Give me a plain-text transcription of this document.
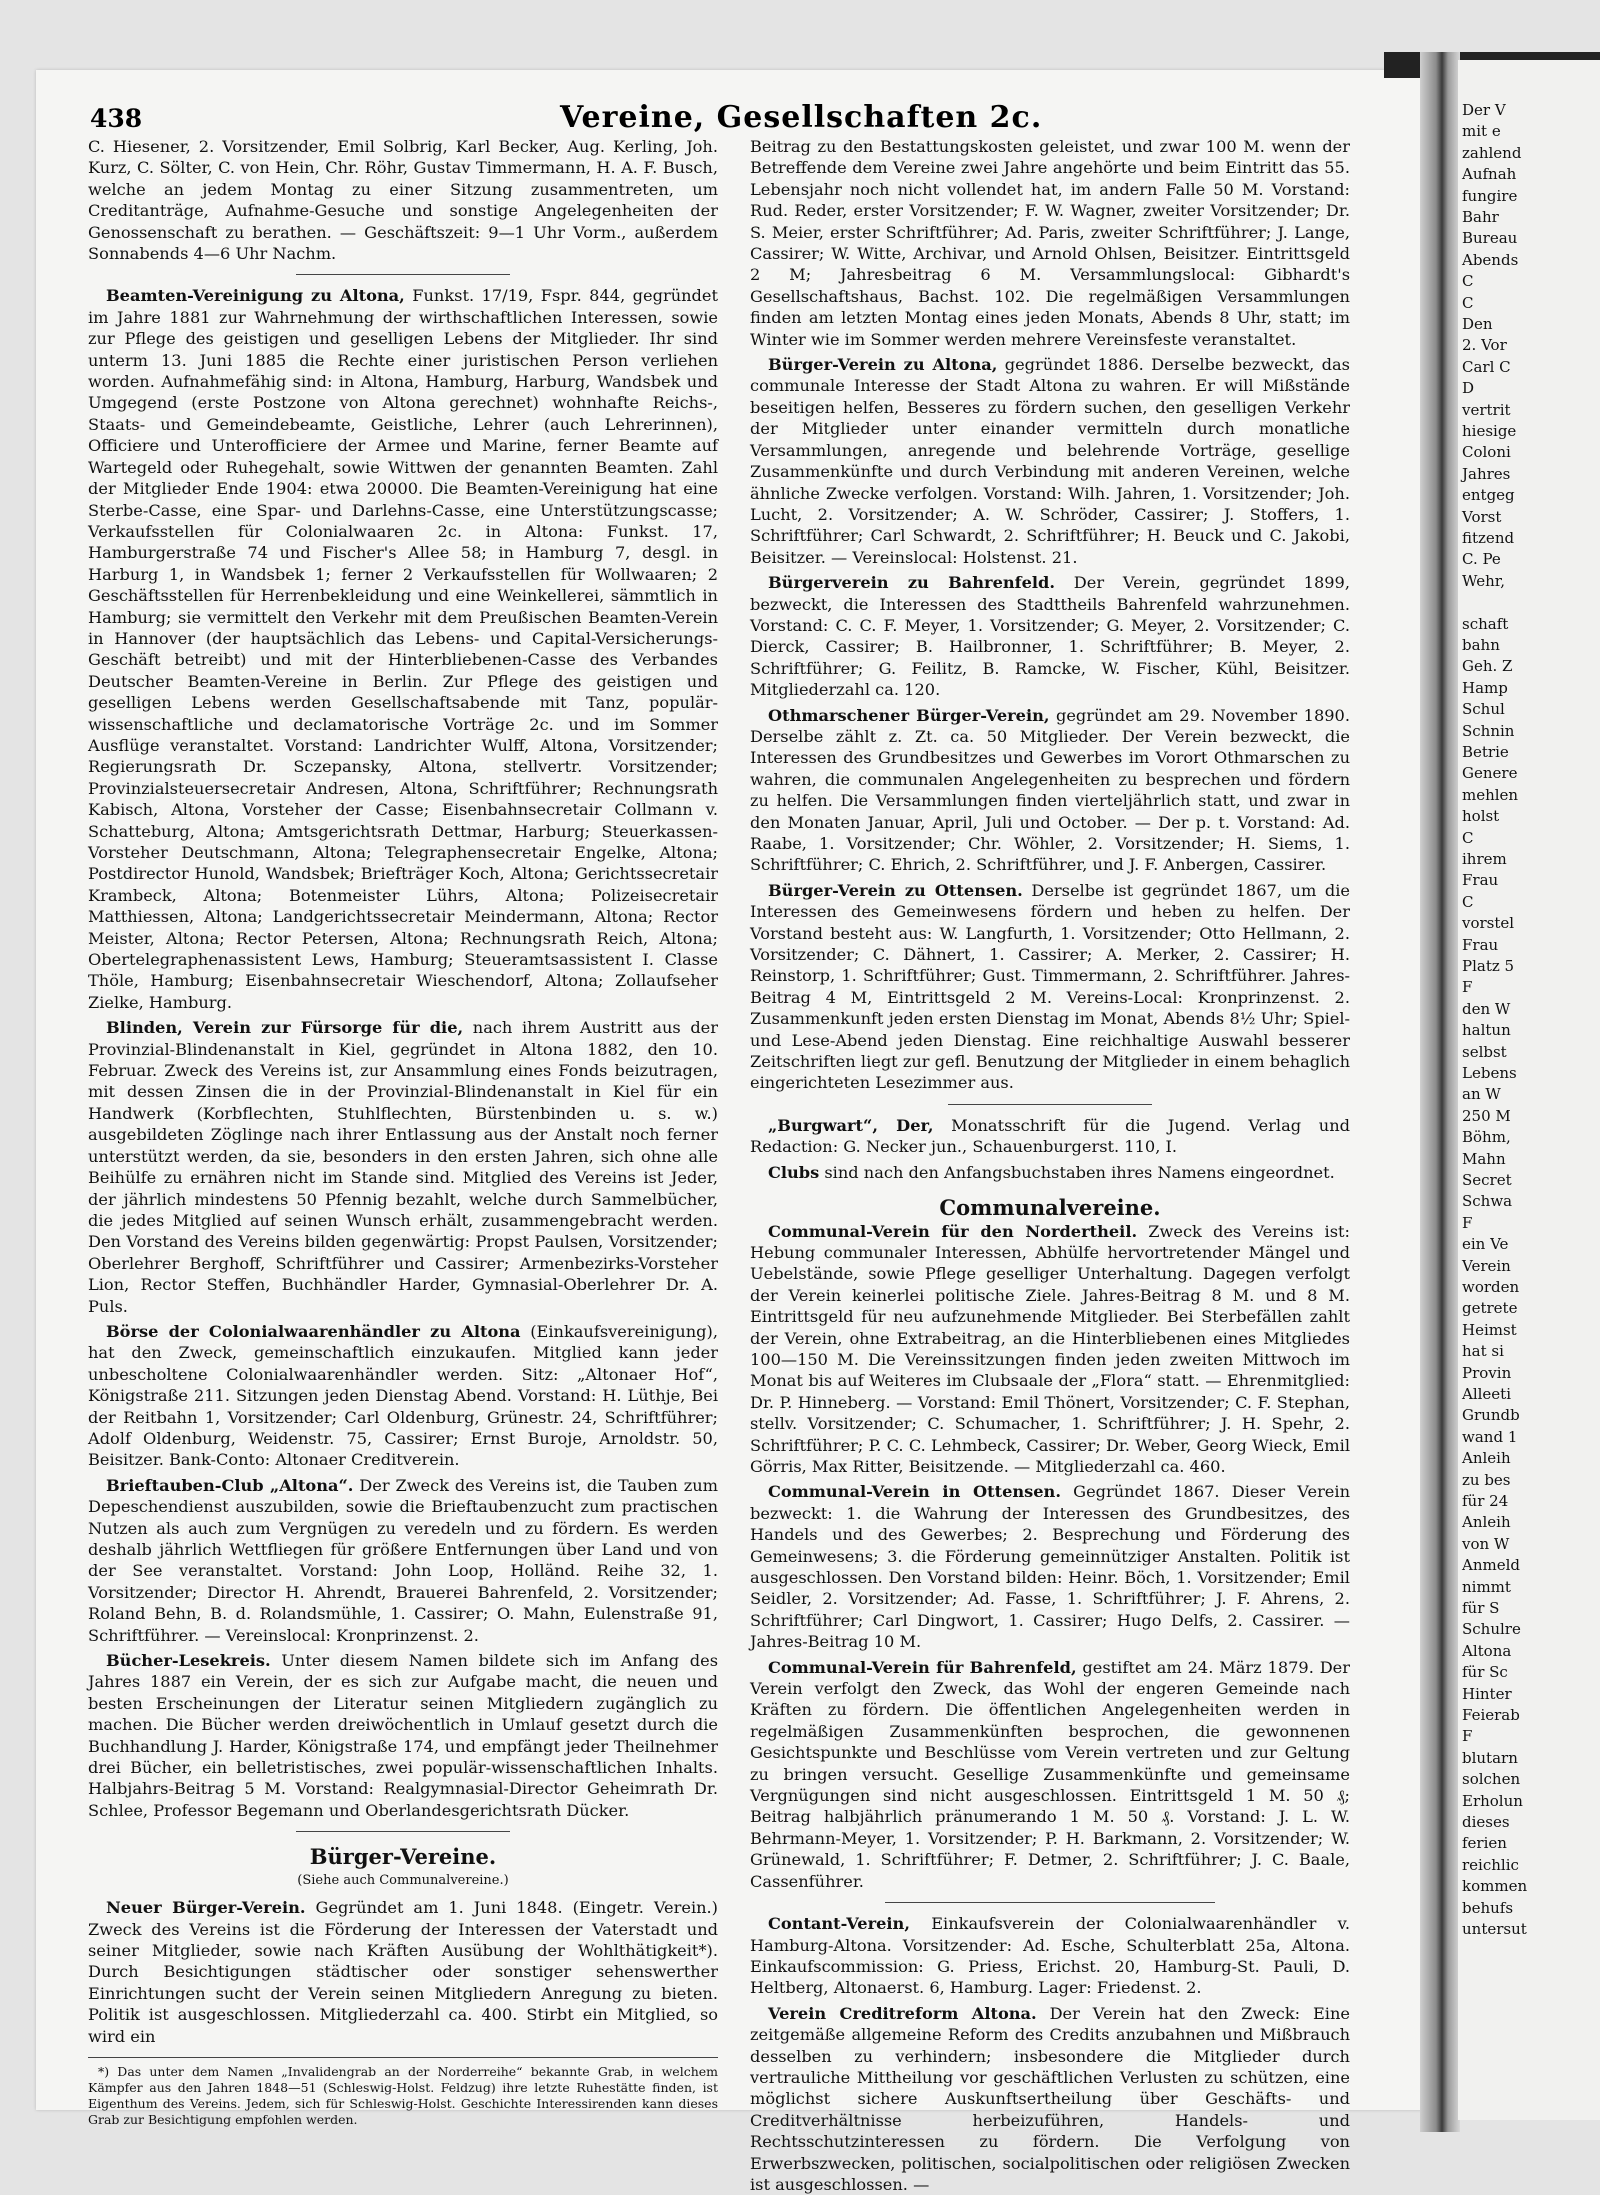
Der V
mit e
zahlend
Aufnah
fungire
Bahr
Bureau
Abends
C
C
Den
2. Vor
Carl C
D
vertrit
hiesige
Coloni
Jahres
entgeg
Vorst
fitzend
C. Pe
Wehr,
schaft
bahn
Geh. Z
Hamp
Schul
Schnin
Betrie
Genere
mehlen
holst
C
ihrem
Frau
C
vorstel
Frau
Platz 5
F
den W
haltun
selbst
Lebens
an W
250 M
Böhm,
Mahn
Secret
Schwa
F
ein Ve
Verein
worden
getrete
Heimst
hat si
Provin
Alleeti
Grundb
wand 1
Anleih
zu bes
für 24
Anleih
von W
Anmeld
nimmt
für S
Schulre
Altona
für Sc
Hinter
Feierab
F
blutarn
solchen
Erholun
dieses
ferien
reichlic
kommen
behufs
untersut
438	Vereine, Gesellschaften 2c.

C. Hiesener, 2. Vorsitzender, Emil Solbrig, Karl Becker, Aug. Kerling, Joh. Kurz, C. Sölter, C. von Hein, Chr. Röhr, Gustav Timmermann, H. A. F. Busch, welche an jedem Montag zu einer Sitzung zusammentreten, um Creditanträge, Aufnahme-Gesuche und sonstige Angelegenheiten der Genossenschaft zu berathen. — Geschäftszeit: 9—1 Uhr Vorm., außerdem Sonnabends 4—6 Uhr Nachm.

Beamten-Vereinigung zu Altona, Funkst. 17/19, Fspr. 844, gegründet im Jahre 1881 zur Wahrnehmung der wirthschaftlichen Interessen, sowie zur Pflege des geistigen und geselligen Lebens der Mitglieder. Ihr sind unterm 13. Juni 1885 die Rechte einer juristischen Person verliehen worden. Aufnahmefähig sind: in Altona, Hamburg, Harburg, Wandsbek und Umgegend (erste Postzone von Altona gerechnet) wohnhafte Reichs-, Staats- und Gemeindebeamte, Geistliche, Lehrer (auch Lehrerinnen), Officiere und Unterofficiere der Armee und Marine, ferner Beamte auf Wartegeld oder Ruhegehalt, sowie Wittwen der genannten Beamten. Zahl der Mitglieder Ende 1904: etwa 20000. Die Beamten-Vereinigung hat eine Sterbe-Casse, eine Spar- und Darlehns-Casse, eine Unterstützungscasse; Verkaufsstellen für Colonialwaaren 2c. in Altona: Funkst. 17, Hamburgerstraße 74 und Fischer's Allee 58; in Hamburg 7, desgl. in Harburg 1, in Wandsbek 1; ferner 2 Verkaufsstellen für Wollwaaren; 2 Geschäftsstellen für Herrenbekleidung und eine Weinkellerei, sämmtlich in Hamburg; sie vermittelt den Verkehr mit dem Preußischen Beamten-Verein in Hannover (der hauptsächlich das Lebens- und Capital-Versicherungs-Geschäft betreibt) und mit der Hinterbliebenen-Casse des Verbandes Deutscher Beamten-Vereine in Berlin. Zur Pflege des geistigen und geselligen Lebens werden Gesellschaftsabende mit Tanz, populär-wissenschaftliche und declamatorische Vorträge 2c. und im Sommer Ausflüge veranstaltet. Vorstand: Landrichter Wulff, Altona, Vorsitzender; Regierungsrath Dr. Sczepansky, Altona, stellvertr. Vorsitzender; Provinzialsteuersecretair Andresen, Altona, Schriftführer; Rechnungsrath Kabisch, Altona, Vorsteher der Casse; Eisenbahnsecretair Collmann v. Schatteburg, Altona; Amtsgerichtsrath Dettmar, Harburg; Steuerkassen-Vorsteher Deutschmann, Altona; Telegraphensecretair Engelke, Altona; Postdirector Hunold, Wandsbek; Briefträger Koch, Altona; Gerichtssecretair Krambeck, Altona; Botenmeister Lührs, Altona; Polizeisecretair Matthiessen, Altona; Landgerichtssecretair Meindermann, Altona; Rector Meister, Altona; Rector Petersen, Altona; Rechnungsrath Reich, Altona; Obertelegraphenassistent Lews, Hamburg; Steueramtsassistent I. Classe Thöle, Hamburg; Eisenbahnsecretair Wieschendorf, Altona; Zollaufseher Zielke, Hamburg.

Blinden, Verein zur Fürsorge für die, nach ihrem Austritt aus der Provinzial-Blindenanstalt in Kiel, gegründet in Altona 1882, den 10. Februar. Zweck des Vereins ist, zur Ansammlung eines Fonds beizutragen, mit dessen Zinsen die in der Provinzial-Blindenanstalt in Kiel für ein Handwerk (Korbflechten, Stuhlflechten, Bürstenbinden u. s. w.) ausgebildeten Zöglinge nach ihrer Entlassung aus der Anstalt noch ferner unterstützt werden, da sie, besonders in den ersten Jahren, sich ohne alle Beihülfe zu ernähren nicht im Stande sind. Mitglied des Vereins ist Jeder, der jährlich mindestens 50 Pfennig bezahlt, welche durch Sammelbücher, die jedes Mitglied auf seinen Wunsch erhält, zusammengebracht werden. Den Vorstand des Vereins bilden gegenwärtig: Propst Paulsen, Vorsitzender; Oberlehrer Berghoff, Schriftführer und Cassirer; Armenbezirks-Vorsteher Lion, Rector Steffen, Buchhändler Harder, Gymnasial-Oberlehrer Dr. A. Puls.

Börse der Colonialwaarenhändler zu Altona (Einkaufsvereinigung), hat den Zweck, gemeinschaftlich einzukaufen. Mitglied kann jeder unbescholtene Colonialwaarenhändler werden. Sitz: „Altonaer Hof“, Königstraße 211. Sitzungen jeden Dienstag Abend. Vorstand: H. Lüthje, Bei der Reitbahn 1, Vorsitzender; Carl Oldenburg, Grünestr. 24, Schriftführer; Adolf Oldenburg, Weidenstr. 75, Cassirer; Ernst Buroje, Arnoldstr. 50, Beisitzer. Bank-Conto: Altonaer Creditverein.

Brieftauben-Club „Altona“. Der Zweck des Vereins ist, die Tauben zum Depeschendienst auszubilden, sowie die Brieftaubenzucht zum practischen Nutzen als auch zum Vergnügen zu veredeln und zu fördern. Es werden deshalb jährlich Wettfliegen für größere Entfernungen über Land und von der See veranstaltet. Vorstand: John Loop, Holländ. Reihe 32, 1. Vorsitzender; Director H. Ahrendt, Brauerei Bahrenfeld, 2. Vorsitzender; Roland Behn, B. d. Rolandsmühle, 1. Cassirer; O. Mahn, Eulenstraße 91, Schriftführer. — Vereinslocal: Kronprinzenst. 2.

Bücher-Lesekreis. Unter diesem Namen bildete sich im Anfang des Jahres 1887 ein Verein, der es sich zur Aufgabe macht, die neuen und besten Erscheinungen der Literatur seinen Mitgliedern zugänglich zu machen. Die Bücher werden dreiwöchentlich in Umlauf gesetzt durch die Buchhandlung J. Harder, Königstraße 174, und empfängt jeder Theilnehmer drei Bücher, ein belletristisches, zwei populär-wissenschaftlichen Inhalts. Halbjahrs-Beitrag 5 M. Vorstand: Realgymnasial-Director Geheimrath Dr. Schlee, Professor Begemann und Oberlandesgerichtsrath Dücker.

Bürger-Vereine.

(Siehe auch Communalvereine.)

Neuer Bürger-Verein. Gegründet am 1. Juni 1848. (Eingetr. Verein.) Zweck des Vereins ist die Förderung der Interessen der Vaterstadt und seiner Mitglieder, sowie nach Kräften Ausübung der Wohlthätigkeit*). Durch Besichtigungen städtischer oder sonstiger sehenswerther Einrichtungen sucht der Verein seinen Mitgliedern Anregung zu bieten. Politik ist ausgeschlossen. Mitgliederzahl ca. 400. Stirbt ein Mitglied, so wird ein

*) Das unter dem Namen „Invalidengrab an der Norderreihe“ bekannte Grab, in welchem Kämpfer aus den Jahren 1848—51 (Schleswig-Holst. Feldzug) ihre letzte Ruhestätte finden, ist Eigenthum des Vereins. Jedem, sich für Schleswig-Holst. Geschichte Interessirenden kann dieses Grab zur Besichtigung empfohlen werden.

Beitrag zu den Bestattungskosten geleistet, und zwar 100 M. wenn der Betreffende dem Vereine zwei Jahre angehörte und beim Eintritt das 55. Lebensjahr noch nicht vollendet hat, im andern Falle 50 M. Vorstand: Rud. Reder, erster Vorsitzender; F. W. Wagner, zweiter Vorsitzender; Dr. S. Meier, erster Schriftführer; Ad. Paris, zweiter Schriftführer; J. Lange, Cassirer; W. Witte, Archivar, und Arnold Ohlsen, Beisitzer. Eintrittsgeld 2 M; Jahresbeitrag 6 M. Versammlungslocal: Gibhardt's Gesellschaftshaus, Bachst. 102. Die regelmäßigen Versammlungen finden am letzten Montag eines jeden Monats, Abends 8 Uhr, statt; im Winter wie im Sommer werden mehrere Vereinsfeste veranstaltet.

Bürger-Verein zu Altona, gegründet 1886. Derselbe bezweckt, das communale Interesse der Stadt Altona zu wahren. Er will Mißstände beseitigen helfen, Besseres zu fördern suchen, den geselligen Verkehr der Mitglieder unter einander vermitteln durch monatliche Versammlungen, anregende und belehrende Vorträge, gesellige Zusammenkünfte und durch Verbindung mit anderen Vereinen, welche ähnliche Zwecke verfolgen. Vorstand: Wilh. Jahren, 1. Vorsitzender; Joh. Lucht, 2. Vorsitzender; A. W. Schröder, Cassirer; J. Stoffers, 1. Schriftführer; Carl Schwardt, 2. Schriftführer; H. Beuck und C. Jakobi, Beisitzer. — Vereinslocal: Holstenst. 21.

Bürgerverein zu Bahrenfeld. Der Verein, gegründet 1899, bezweckt, die Interessen des Stadttheils Bahrenfeld wahrzunehmen. Vorstand: C. C. F. Meyer, 1. Vorsitzender; G. Meyer, 2. Vorsitzender; C. Dierck, Cassirer; B. Hailbronner, 1. Schriftführer; B. Meyer, 2. Schriftführer; G. Feilitz, B. Ramcke, W. Fischer, Kühl, Beisitzer. Mitgliederzahl ca. 120.

Othmarschener Bürger-Verein, gegründet am 29. November 1890. Derselbe zählt z. Zt. ca. 50 Mitglieder. Der Verein bezweckt, die Interessen des Grundbesitzes und Gewerbes im Vorort Othmarschen zu wahren, die communalen Angelegenheiten zu besprechen und fördern zu helfen. Die Versammlungen finden vierteljährlich statt, und zwar in den Monaten Januar, April, Juli und October. — Der p. t. Vorstand: Ad. Raabe, 1. Vorsitzender; Chr. Wöhler, 2. Vorsitzender; H. Siems, 1. Schriftführer; C. Ehrich, 2. Schriftführer, und J. F. Anbergen, Cassirer.

Bürger-Verein zu Ottensen. Derselbe ist gegründet 1867, um die Interessen des Gemeinwesens fördern und heben zu helfen. Der Vorstand besteht aus: W. Langfurth, 1. Vorsitzender; Otto Hellmann, 2. Vorsitzender; C. Dähnert, 1. Cassirer; A. Merker, 2. Cassirer; H. Reinstorp, 1. Schriftführer; Gust. Timmermann, 2. Schriftführer. Jahres-Beitrag 4 M, Eintrittsgeld 2 M. Vereins-Local: Kronprinzenst. 2. Zusammenkunft jeden ersten Dienstag im Monat, Abends 8½ Uhr; Spiel- und Lese-Abend jeden Dienstag. Eine reichhaltige Auswahl besserer Zeitschriften liegt zur gefl. Benutzung der Mitglieder in einem behaglich eingerichteten Lesezimmer aus.

„Burgwart“, Der, Monatsschrift für die Jugend. Verlag und Redaction: G. Necker jun., Schauenburgerst. 110, I.

Clubs sind nach den Anfangsbuchstaben ihres Namens eingeordnet.

Communalvereine.

Communal-Verein für den Nordertheil. Zweck des Vereins ist: Hebung communaler Interessen, Abhülfe hervortretender Mängel und Uebelstände, sowie Pflege geselliger Unterhaltung. Dagegen verfolgt der Verein keinerlei politische Ziele. Jahres-Beitrag 8 M. und 8 M. Eintrittsgeld für neu aufzunehmende Mitglieder. Bei Sterbefällen zahlt der Verein, ohne Extrabeitrag, an die Hinterbliebenen eines Mitgliedes 100—150 M. Die Vereinssitzungen finden jeden zweiten Mittwoch im Monat bis auf Weiteres im Clubsaale der „Flora“ statt. — Ehrenmitglied: Dr. P. Hinneberg. — Vorstand: Emil Thönert, Vorsitzender; C. F. Stephan, stellv. Vorsitzender; C. Schumacher, 1. Schriftführer; J. H. Spehr, 2. Schriftführer; P. C. C. Lehmbeck, Cassirer; Dr. Weber, Georg Wieck, Emil Görris, Max Ritter, Beisitzende. — Mitgliederzahl ca. 460.

Communal-Verein in Ottensen. Gegründet 1867. Dieser Verein bezweckt: 1. die Wahrung der Interessen des Grundbesitzes, des Handels und des Gewerbes; 2. Besprechung und Förderung des Gemeinwesens; 3. die Förderung gemeinnütziger Anstalten. Politik ist ausgeschlossen. Den Vorstand bilden: Heinr. Böch, 1. Vorsitzender; Emil Seidler, 2. Vorsitzender; Ad. Fasse, 1. Schriftführer; J. F. Ahrens, 2. Schriftführer; Carl Dingwort, 1. Cassirer; Hugo Delfs, 2. Cassirer. — Jahres-Beitrag 10 M.

Communal-Verein für Bahrenfeld, gestiftet am 24. März 1879. Der Verein verfolgt den Zweck, das Wohl der engeren Gemeinde nach Kräften zu fördern. Die öffentlichen Angelegenheiten werden in regelmäßigen Zusammenkünften besprochen, die gewonnenen Gesichtspunkte und Beschlüsse vom Verein vertreten und zur Geltung zu bringen versucht. Gesellige Zusammenkünfte und gemeinsame Vergnügungen sind nicht ausgeschlossen. Eintrittsgeld 1 M. 50 ₰; Beitrag halbjährlich pränumerando 1 M. 50 ₰. Vorstand: J. L. W. Behrmann-Meyer, 1. Vorsitzender; P. H. Barkmann, 2. Vorsitzender; W. Grünewald, 1. Schriftführer; F. Detmer, 2. Schriftführer; J. C. Baale, Cassenführer.

Contant-Verein, Einkaufsverein der Colonialwaarenhändler v. Hamburg-Altona. Vorsitzender: Ad. Esche, Schulterblatt 25a, Altona. Einkaufscommission: G. Priess, Erichst. 20, Hamburg-St. Pauli, D. Heltberg, Altonaerst. 6, Hamburg. Lager: Friedenst. 2.

Verein Creditreform Altona. Der Verein hat den Zweck: Eine zeitgemäße allgemeine Reform des Credits anzubahnen und Mißbrauch desselben zu verhindern; insbesondere die Mitglieder durch vertrauliche Mittheilung vor geschäftlichen Verlusten zu schützen, eine möglichst sichere Auskunftsertheilung über Geschäfts- und Creditverhältnisse herbeizuführen, Handels- und Rechtsschutzinteressen zu fördern. Die Verfolgung von Erwerbszwecken, politischen, socialpolitischen oder religiösen Zwecken ist ausgeschlossen. —
